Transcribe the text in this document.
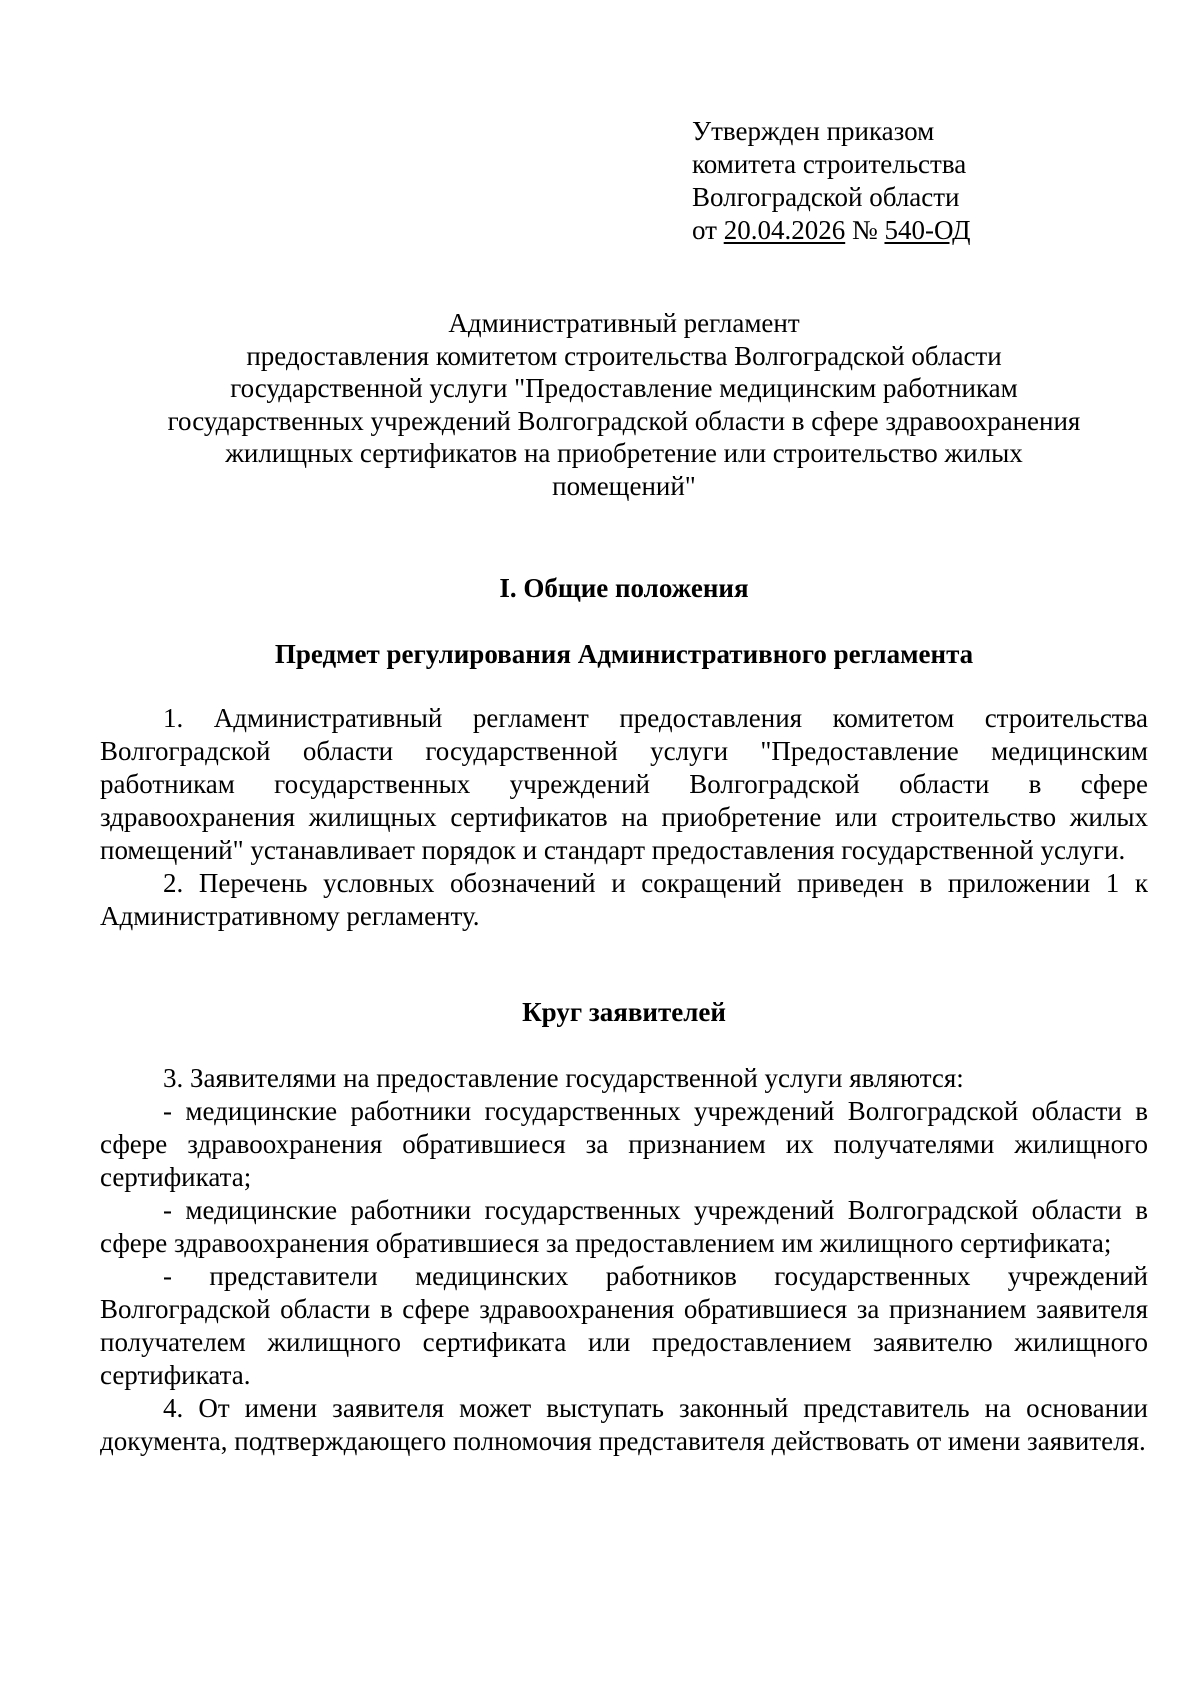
Утвержден приказом
комитета строительства
Волгоградской области
от 20.04.2026 № 540-ОД
Административный регламент
предоставления комитетом строительства Волгоградской области
государственной услуги "Предоставление медицинским работникам
государственных учреждений Волгоградской области в сфере здравоохранения
жилищных сертификатов на приобретение или строительство жилых
помещений"
I. Общие положения
Предмет регулирования Административного регламента

1. Административный регламент предоставления комитетом строительства Волгоградской области государственной услуги "Предоставление медицинским работникам государственных учреждений Волгоградской области в сфере здравоохранения жилищных сертификатов на приобретение или строительство жилых помещений" устанавливает порядок и стандарт предоставления государственной услуги.

2. Перечень условных обозначений и сокращений приведен в приложении 1 к Административному регламенту.

Круг заявителей

3. Заявителями на предоставление государственной услуги являются:

- медицинские работники государственных учреждений Волгоградской области в сфере здравоохранения обратившиеся за признанием их получателями жилищного сертификата;

- медицинские работники государственных учреждений Волгоградской области в сфере здравоохранения обратившиеся за предоставлением им жилищного сертификата;

- представители медицинских работников государственных учреждений Волгоградской области в сфере здравоохранения обратившиеся за признанием заявителя получателем жилищного сертификата или предоставлением заявителю жилищного сертификата.

4. От имени заявителя может выступать законный представитель на основании документа, подтверждающего полномочия представителя действовать от имени заявителя.
